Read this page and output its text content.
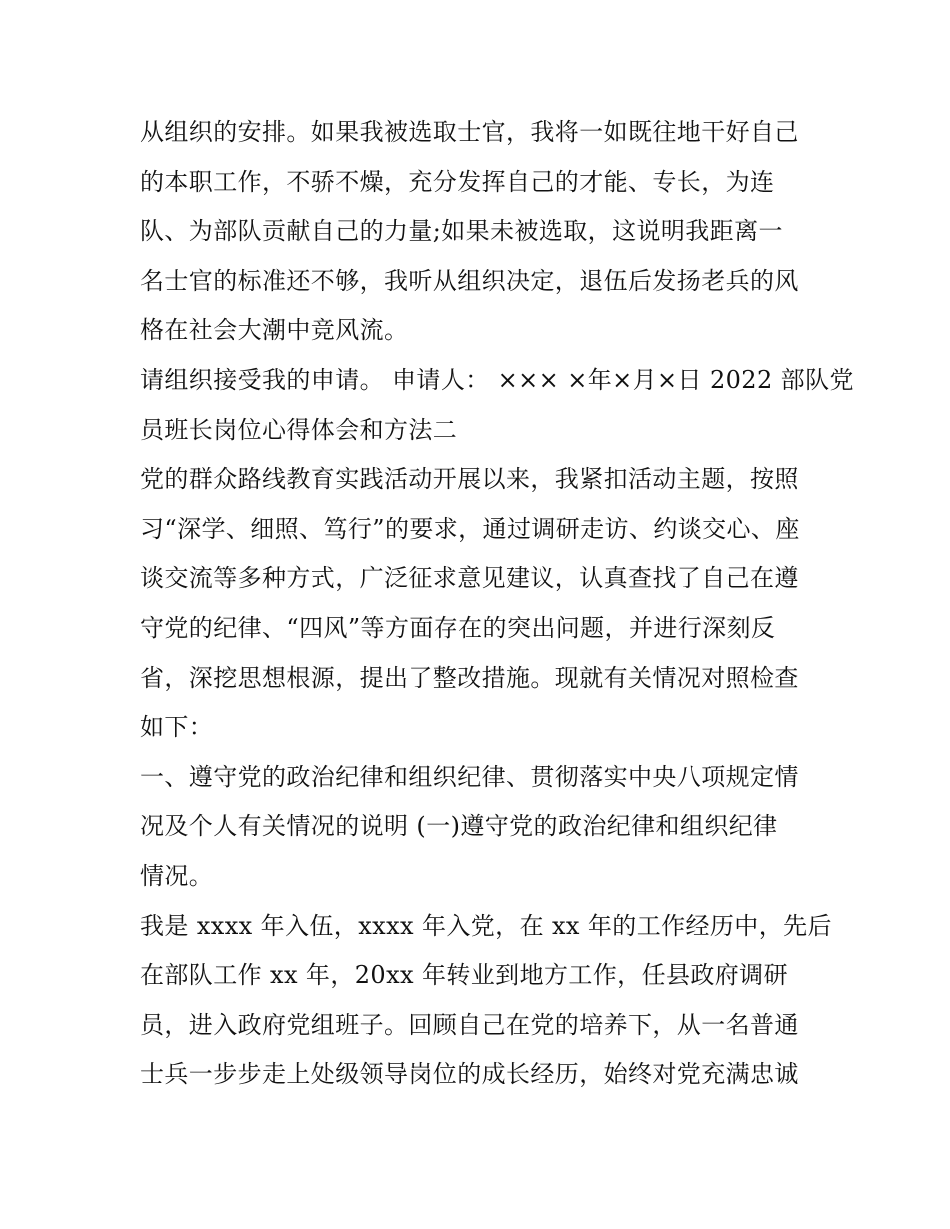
从组织的安排。如果我被选取士官，我将一如既往地干好自己
的本职工作，不骄不燥，充分发挥自己的才能、专长，为连
队、为部队贡献自己的力量;如果未被选取，这说明我距离一
名士官的标准还不够，我听从组织决定，退伍后发扬老兵的风
格在社会大潮中竞风流。
请组织接受我的申请。 申请人： ××× ×年×月×日 2022 部队党
员班长岗位心得体会和方法二
党的群众路线教育实践活动开展以来，我紧扣活动主题，按照
习“深学、细照、笃行”的要求，通过调研走访、约谈交心、座
谈交流等多种方式，广泛征求意见建议，认真查找了自己在遵
守党的纪律、“四风”等方面存在的突出问题，并进行深刻反
省，深挖思想根源，提出了整改措施。现就有关情况对照检查
如下：
一、遵守党的政治纪律和组织纪律、贯彻落实中央八项规定情
况及个人有关情况的说明 (一)遵守党的政治纪律和组织纪律
情况。
我是 xxxx 年入伍，xxxx 年入党，在 xx 年的工作经历中，先后
在部队工作 xx 年，20xx 年转业到地方工作，任县政府调研
员，进入政府党组班子。回顾自己在党的培养下，从一名普通
士兵一步步走上处级领导岗位的成长经历，始终对党充满忠诚
